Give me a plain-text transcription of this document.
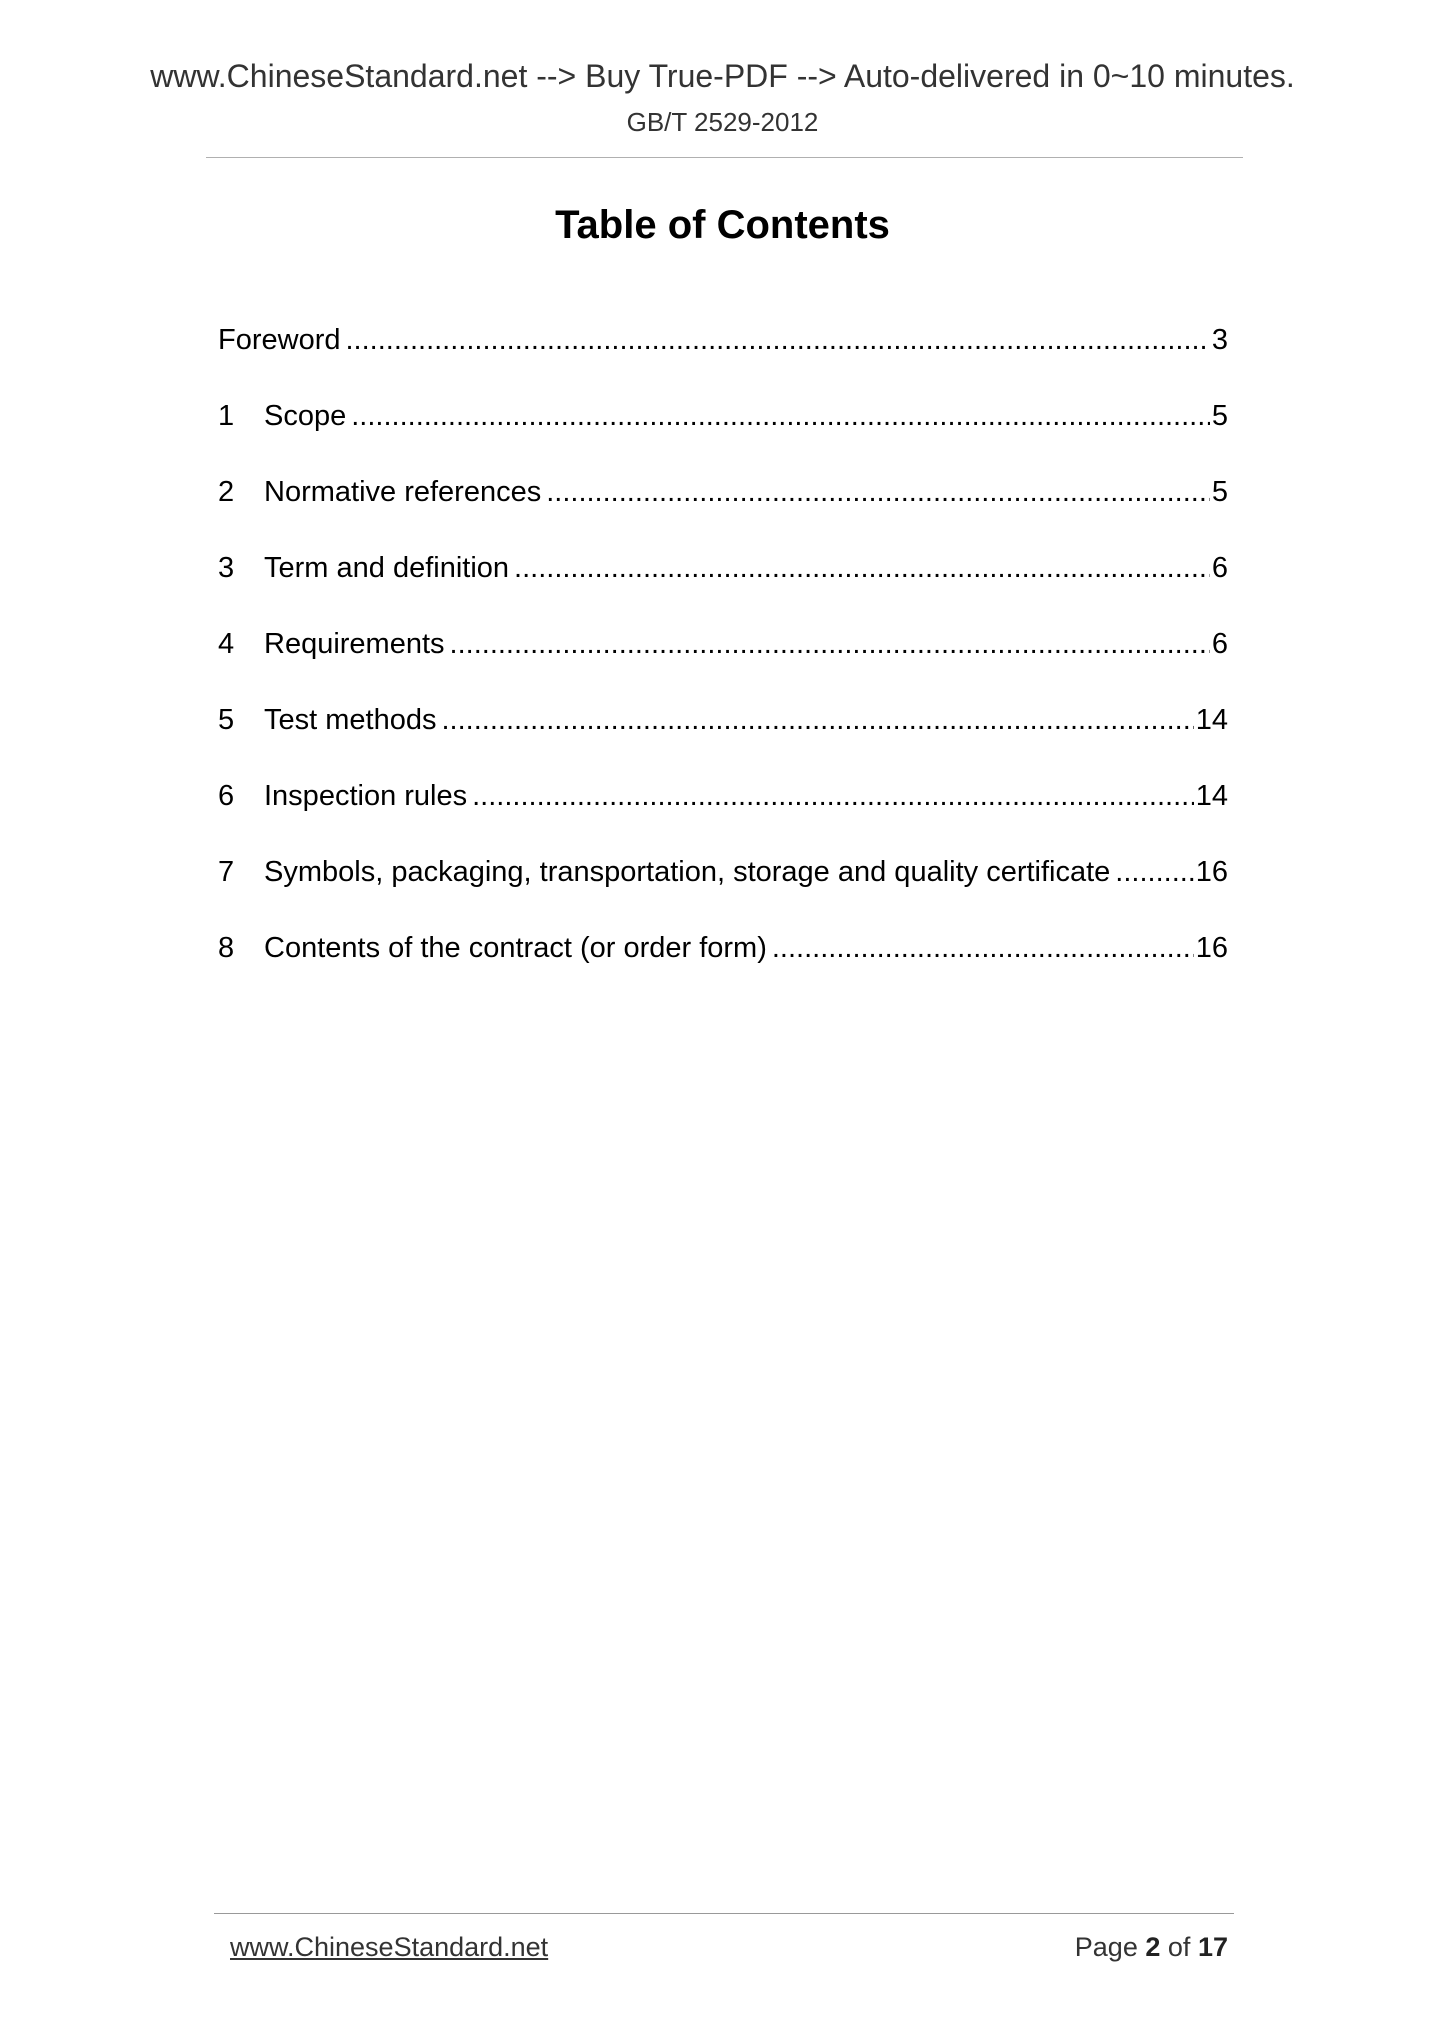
www.ChineseStandard.net --> Buy True-PDF --> Auto-delivered in 0~10 minutes.
GB/T 2529-2012
Table of Contents
Foreword .....	3
1	Scope .....	5
2	Normative references .....	5
3	Term and definition .....	6
4	Requirements .....	6
5	Test methods .....	14
6	Inspection rules .....	14
7	Symbols, packaging, transportation, storage and quality certificate .....	16
8	Contents of the contract (or order form) .....	16
www.ChineseStandard.net	Page 2 of 17
